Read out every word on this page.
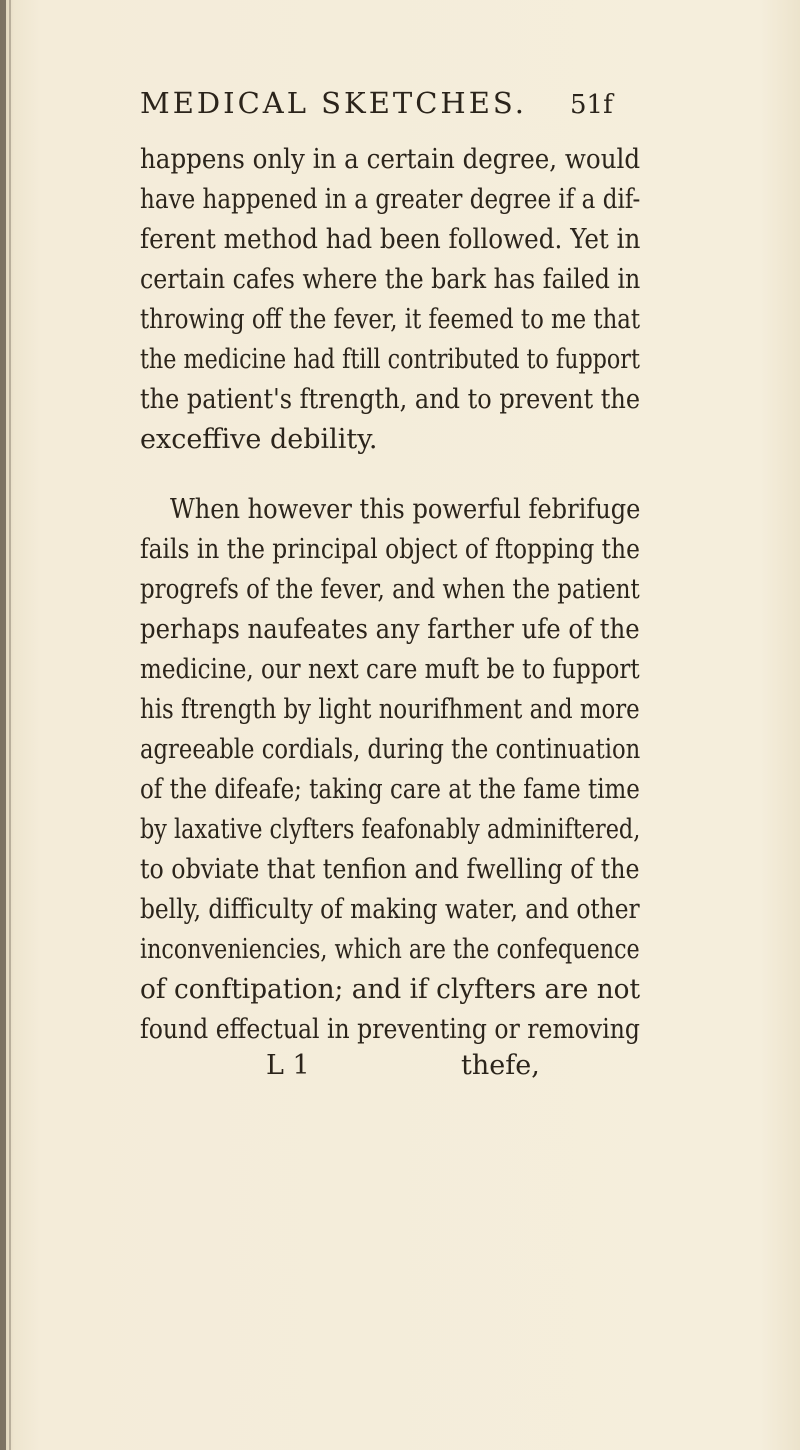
MEDICAL SKETCHES. 51f
happens only in a certain degree, would
have happened in a greater degree if a dif-
ferent method had been followed. Yet in
certain cafes where the bark has failed in
throwing off the fever, it feemed to me that
the medicine had ftill contributed to fupport
the patient's ftrength, and to prevent the
exceffive debility.
When however this powerful febrifuge
fails in the principal object of ftopping the
progrefs of the fever, and when the patient
perhaps naufeates any farther ufe of the
medicine, our next care muft be to fupport
his ftrength by light nourifhment and more
agreeable cordials, during the continuation
of the difeafe; taking care at the fame time
by laxative clyfters feafonably adminiftered,
to obviate that tenfion and fwelling of the
belly, difficulty of making water, and other
inconveniencies, which are the confequence
of conftipation; and if clyfters are not
found effectual in preventing or removing
L 1	thefe,
